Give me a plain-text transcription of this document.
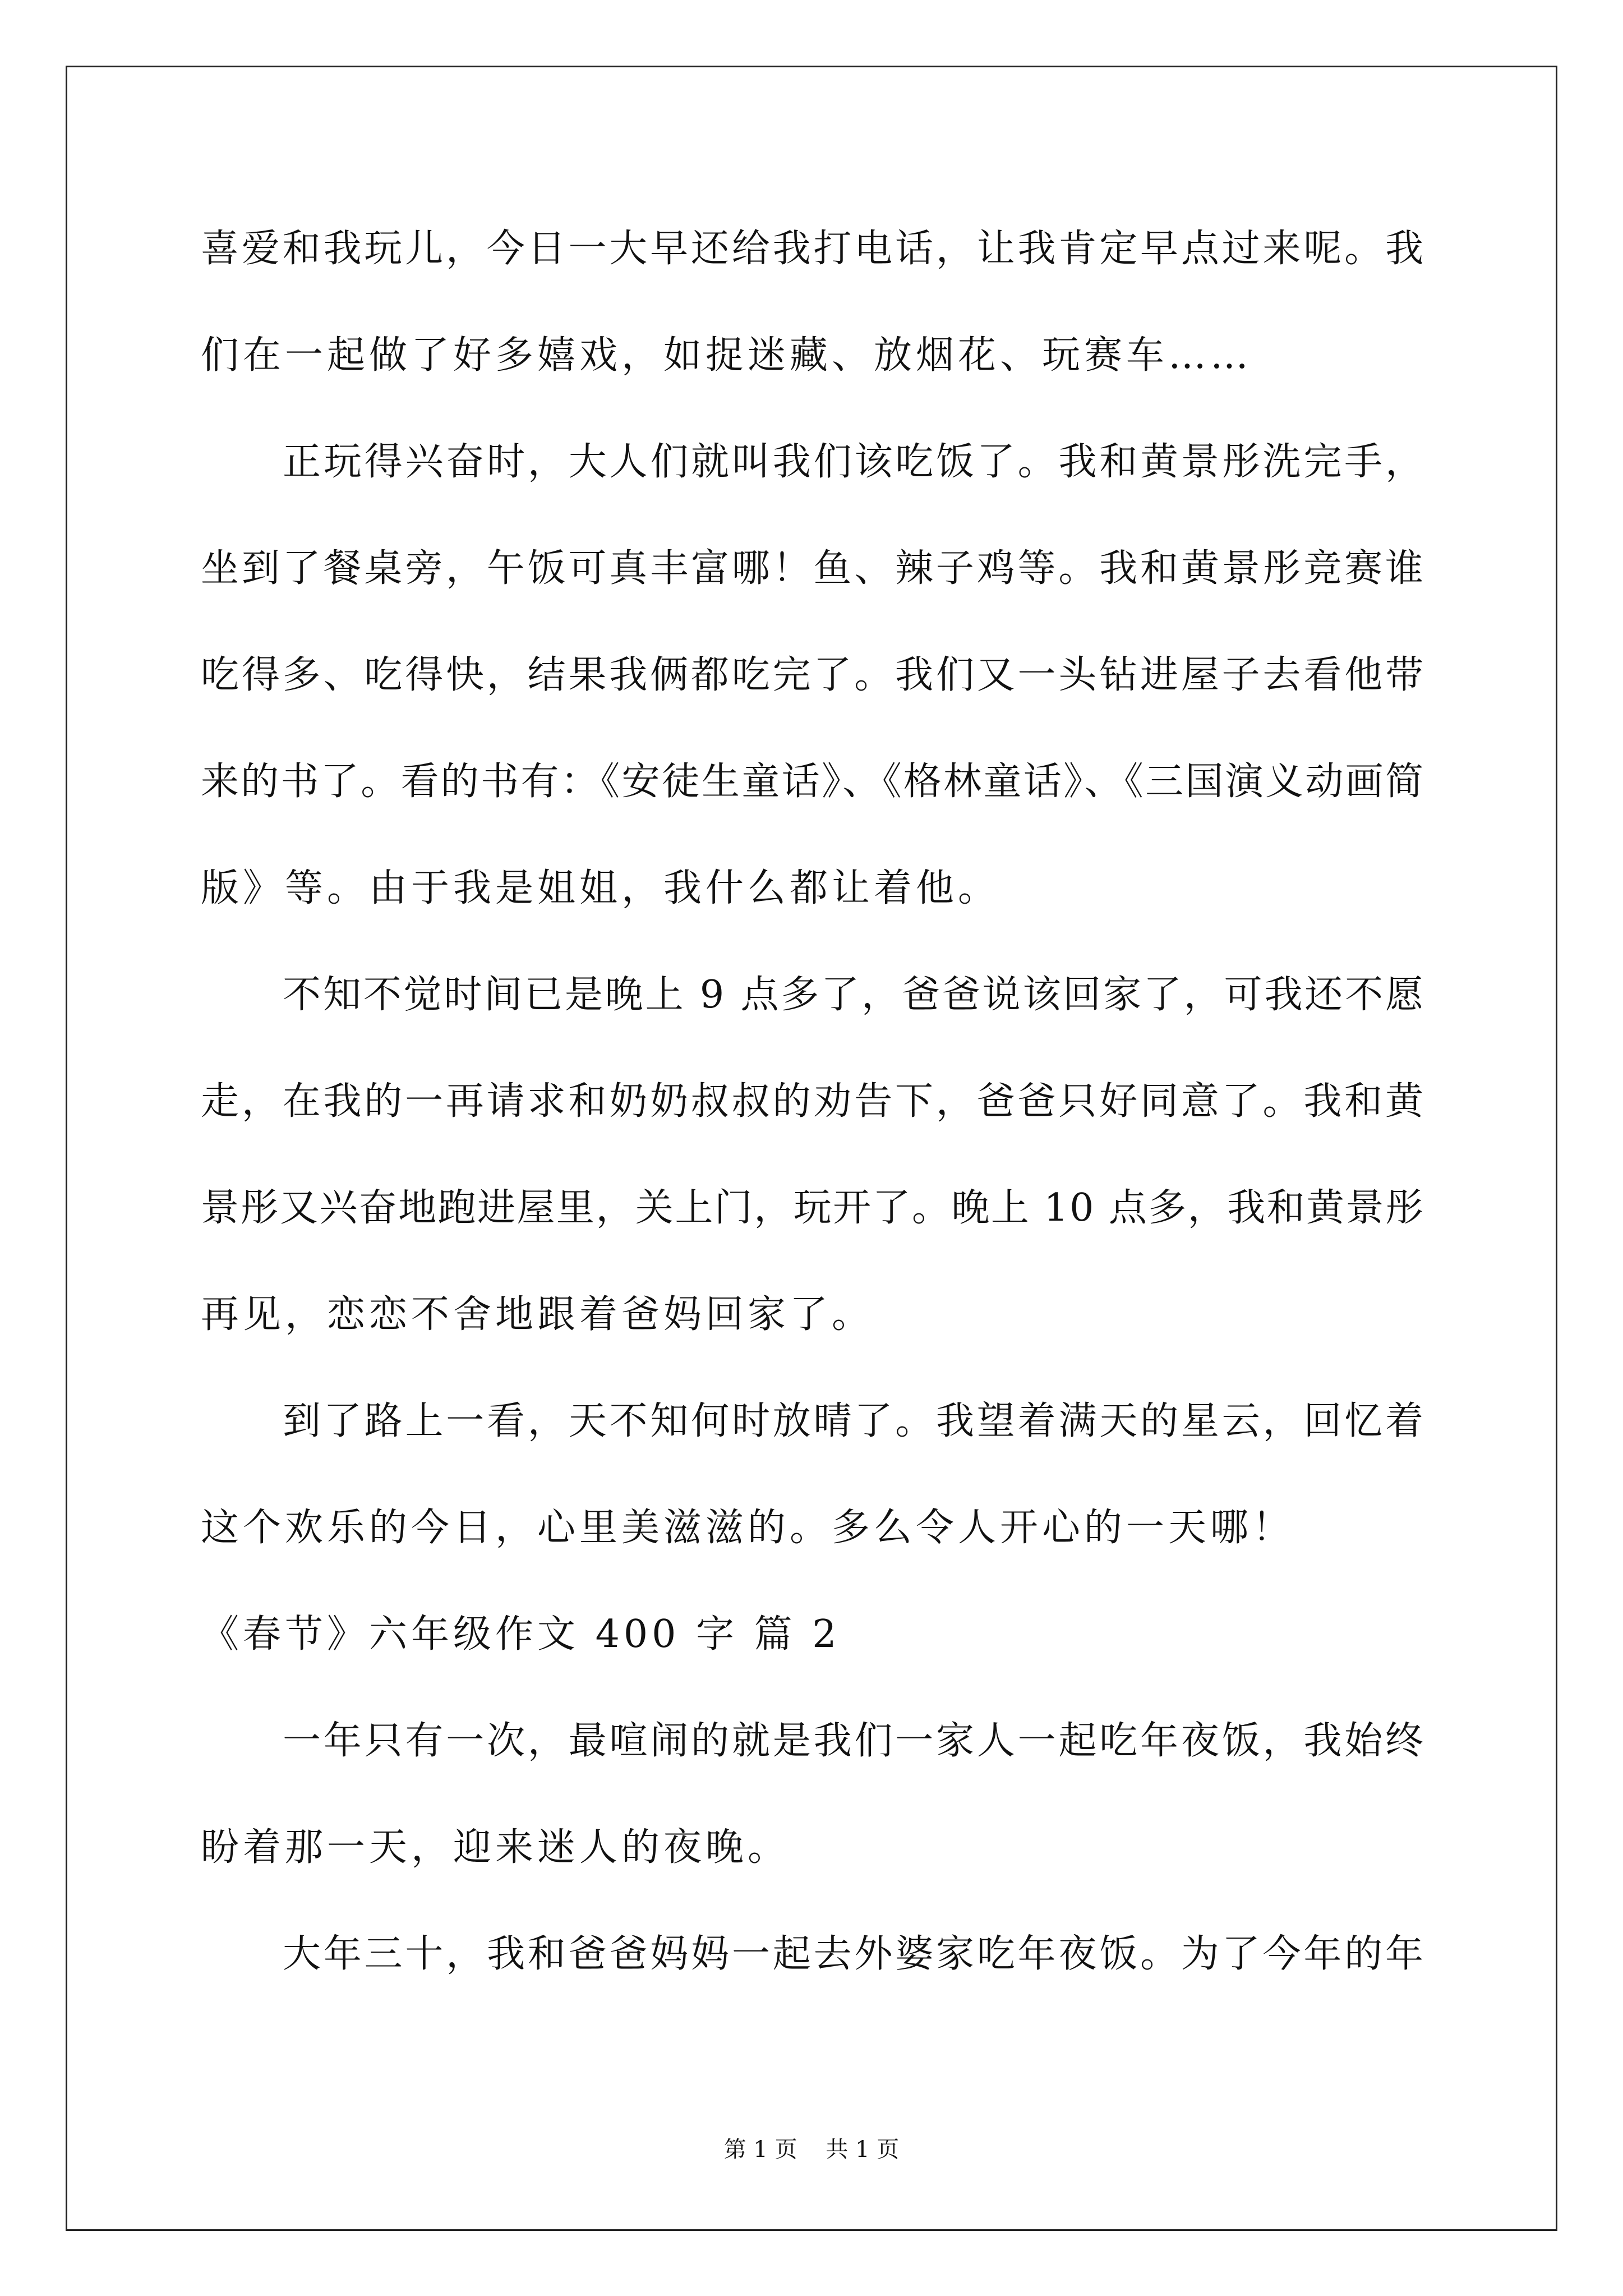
喜爱和我玩儿，今日一大早还给我打电话，让我肯定早点过来呢。我
们在一起做了好多嬉戏，如捉迷藏、放烟花、玩赛车……
正玩得兴奋时，大人们就叫我们该吃饭了。我和黄景彤洗完手，
坐到了餐桌旁，午饭可真丰富哪！鱼、辣子鸡等。我和黄景彤竞赛谁
吃得多、吃得快，结果我俩都吃完了。我们又一头钻进屋子去看他带
来的书了。看的书有：《安徒生童话》、《格林童话》、《三国演义动画简
版》等。由于我是姐姐，我什么都让着他。
不知不觉时间已是晚上 9 点多了，爸爸说该回家了，可我还不愿
走，在我的一再请求和奶奶叔叔的劝告下，爸爸只好同意了。我和黄
景彤又兴奋地跑进屋里，关上门，玩开了。晚上 10 点多，我和黄景彤
再见，恋恋不舍地跟着爸妈回家了。
到了路上一看，天不知何时放晴了。我望着满天的星云，回忆着
这个欢乐的今日，心里美滋滋的。多么令人开心的一天哪！
《春节》六年级作文 400 字 篇 2
一年只有一次，最喧闹的就是我们一家人一起吃年夜饭，我始终
盼着那一天，迎来迷人的夜晚。
大年三十，我和爸爸妈妈一起去外婆家吃年夜饭。为了今年的年
第 1 页    共 1 页
